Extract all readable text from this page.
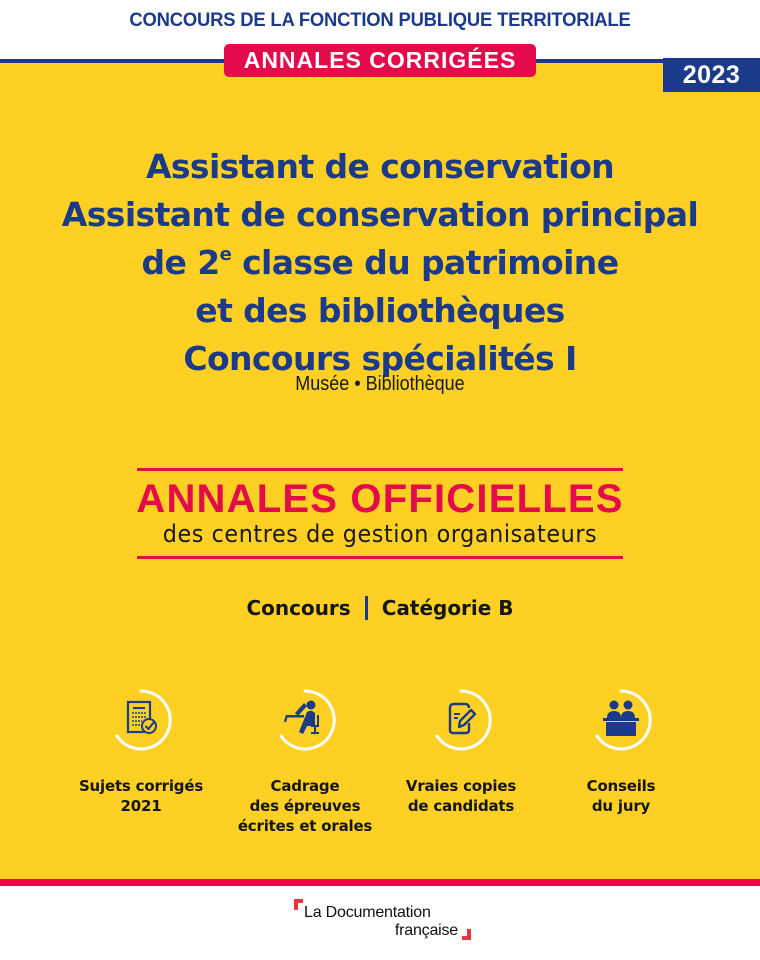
CONCOURS DE LA FONCTION PUBLIQUE TERRITORIALE
ANNALES CORRIGÉES
2023
Assistant de conservation
Assistant de conservation principal
de 2e classe du patrimoine
et des bibliothèques
Concours spécialités I
Musée • Bibliothèque
ANNALES OFFICIELLES
des centres de gestion organisateurs
Concours Catégorie B
Sujets corrigés
2021
Cadrage
des épreuves
écrites et orales
Vraies copies
de candidats
Conseils
du jury
La Documentation
française
